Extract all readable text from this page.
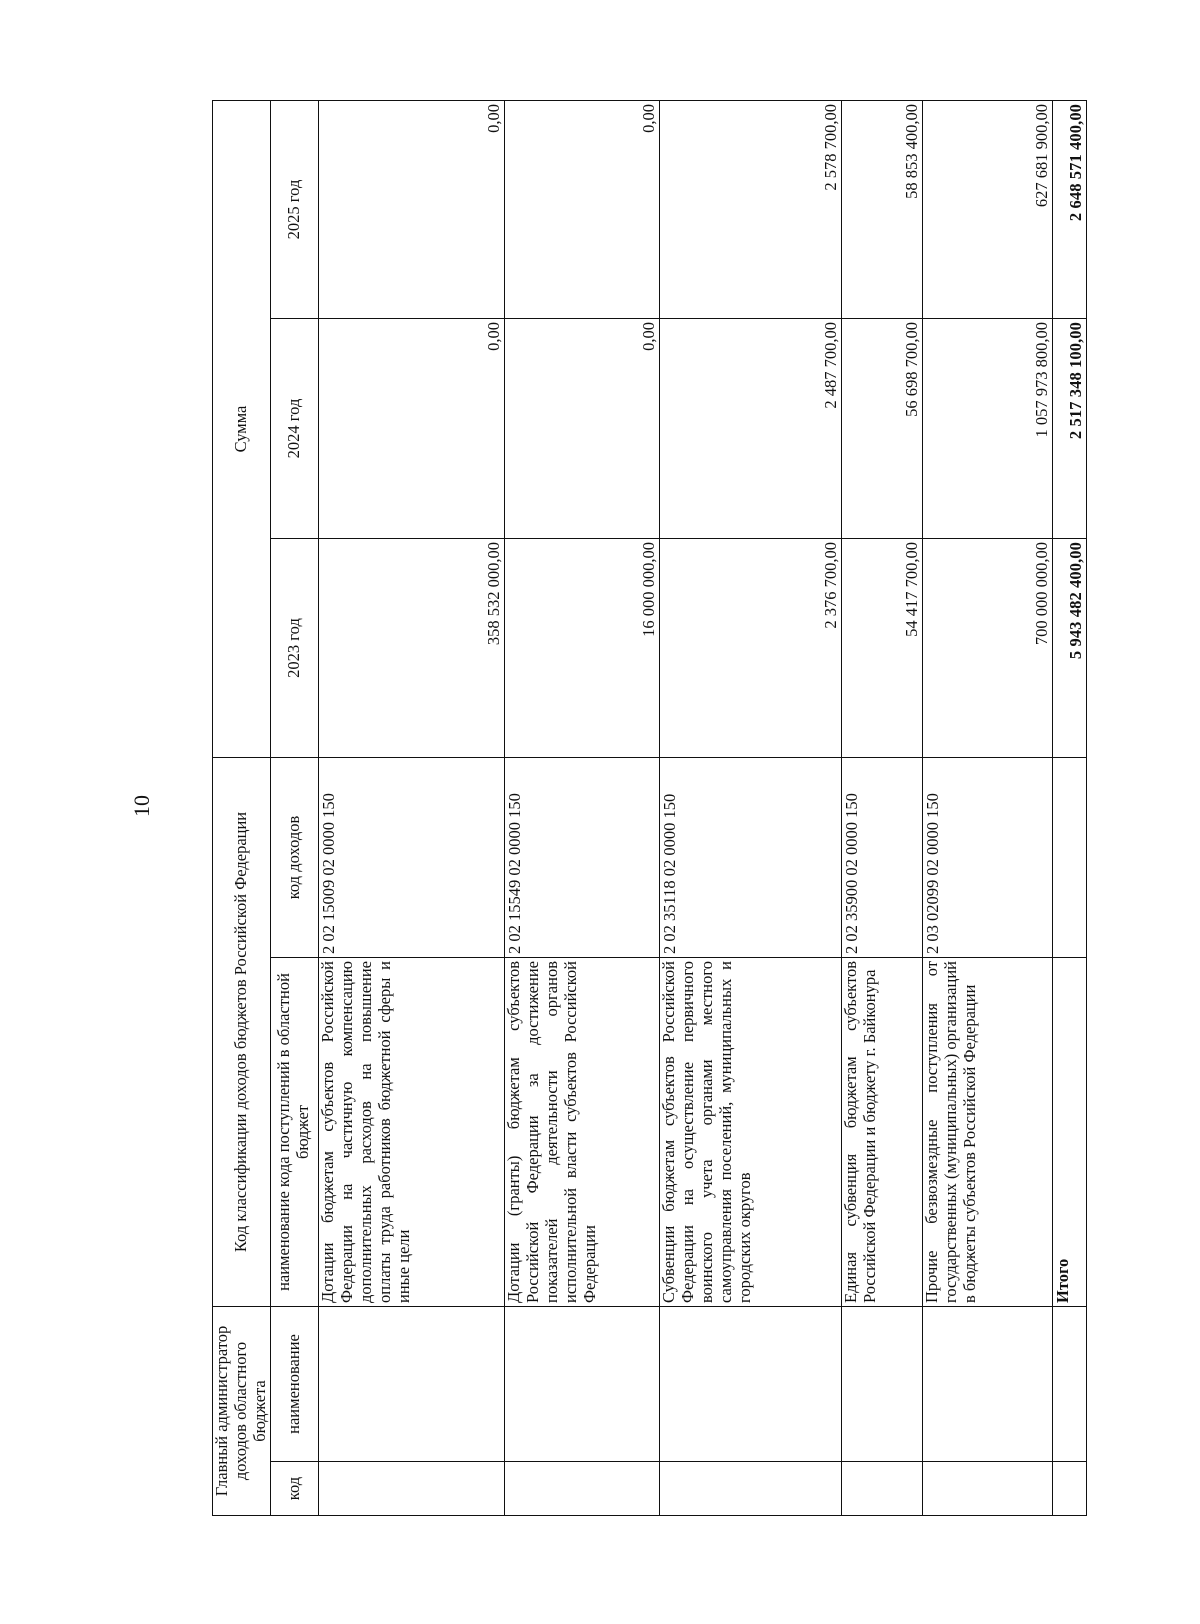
10
Главный администратор доходов областного бюджета		Код классификации доходов бюджетов Российской Федерации		Сумма		
код	наименование	наименование кода поступлений в областной бюджет	код доходов	2023 год	2024 год	2025 год
		Дотации бюджетам субъектов Российской Федерации на частичную компенсацию дополнительных расходов на повышение оплаты труда работников бюджетной сферы и иные цели	2 02 15009 02 0000 150	358 532 000,00	0,00	0,00
		Дотации (гранты) бюджетам субъектов Российской Федерации за достижение показателей деятельности органов исполнительной власти субъектов Российской Федерации	2 02 15549 02 0000 150	16 000 000,00	0,00	0,00
		Субвенции бюджетам субъектов Российской Федерации на осуществление первичного воинского учета органами местного самоуправления поселений, муниципальных и городских округов	2 02 35118 02 0000 150	2 376 700,00	2 487 700,00	2 578 700,00
		Единая субвенция бюджетам субъектов Российской Федерации и бюджету г. Байконура	2 02 35900 02 0000 150	54 417 700,00	56 698 700,00	58 853 400,00
		Прочие безвозмездные поступления от государственных (муниципальных) организаций в бюджеты субъектов Российской Федерации	2 03 02099 02 0000 150	700 000 000,00	1 057 973 800,00	627 681 900,00
		Итого		5 943 482 400,00	2 517 348 100,00	2 648 571 400,00
